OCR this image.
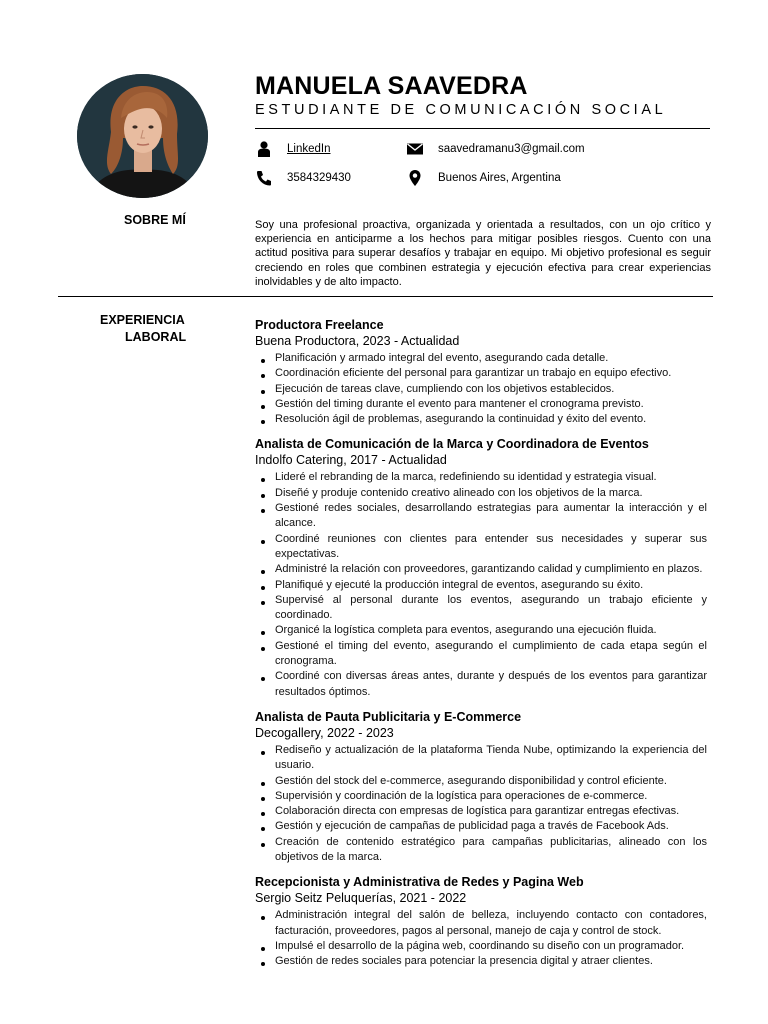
MANUELA SAAVEDRA
ESTUDIANTE DE COMUNICACIÓN SOCIAL
LinkedIn	saavedramanu3@gmail.com
3584329430	Buenos Aires, Argentina
SOBRE MÍ	Soy una profesional proactiva, organizada y orientada a resultados, con un ojo crítico y experiencia en anticiparme a los hechos para mitigar posibles riesgos. Cuento con una actitud positiva para superar desafíos y trabajar en equipo. Mi objetivo profesional es seguir creciendo en roles que combinen estrategia y ejecución efectiva para crear experiencias inolvidables y de alto impacto.
EXPERIENCIA
LABORAL
Productora Freelance
Buena Productora, 2023 - Actualidad
Planificación y armado integral del evento, asegurando cada detalle.
Coordinación eficiente del personal para garantizar un trabajo en equipo efectivo.
Ejecución de tareas clave, cumpliendo con los objetivos establecidos.
Gestión del timing durante el evento para mantener el cronograma previsto.
Resolución ágil de problemas, asegurando la continuidad y éxito del evento.
Analista de Comunicación de la Marca y Coordinadora de Eventos
Indolfo Catering, 2017 - Actualidad
Lideré el rebranding de la marca, redefiniendo su identidad y estrategia visual.
Diseñé y produje contenido creativo alineado con los objetivos de la marca.
Gestioné redes sociales, desarrollando estrategias para aumentar la interacción y el alcance.
Coordiné reuniones con clientes para entender sus necesidades y superar sus expectativas.
Administré la relación con proveedores, garantizando calidad y cumplimiento en plazos.
Planifiqué y ejecuté la producción integral de eventos, asegurando su éxito.
Supervisé al personal durante los eventos, asegurando un trabajo eficiente y coordinado.
Organicé la logística completa para eventos, asegurando una ejecución fluida.
Gestioné el timing del evento, asegurando el cumplimiento de cada etapa según el cronograma.
Coordiné con diversas áreas antes, durante y después de los eventos para garantizar resultados óptimos.
Analista de Pauta Publicitaria y E-Commerce
Decogallery, 2022 - 2023
Rediseño y actualización de la plataforma Tienda Nube, optimizando la experiencia del usuario.
Gestión del stock del e-commerce, asegurando disponibilidad y control eficiente.
Supervisión y coordinación de la logística para operaciones de e-commerce.
Colaboración directa con empresas de logística para garantizar entregas efectivas.
Gestión y ejecución de campañas de publicidad paga a través de Facebook Ads.
Creación de contenido estratégico para campañas publicitarias, alineado con los objetivos de la marca.
Recepcionista y Administrativa de Redes y Pagina Web
Sergio Seitz Peluquerías, 2021 - 2022
Administración integral del salón de belleza, incluyendo contacto con contadores, facturación, proveedores, pagos al personal, manejo de caja y control de stock.
Impulsé el desarrollo de la página web, coordinando su diseño con un programador.
Gestión de redes sociales para potenciar la presencia digital y atraer clientes.
